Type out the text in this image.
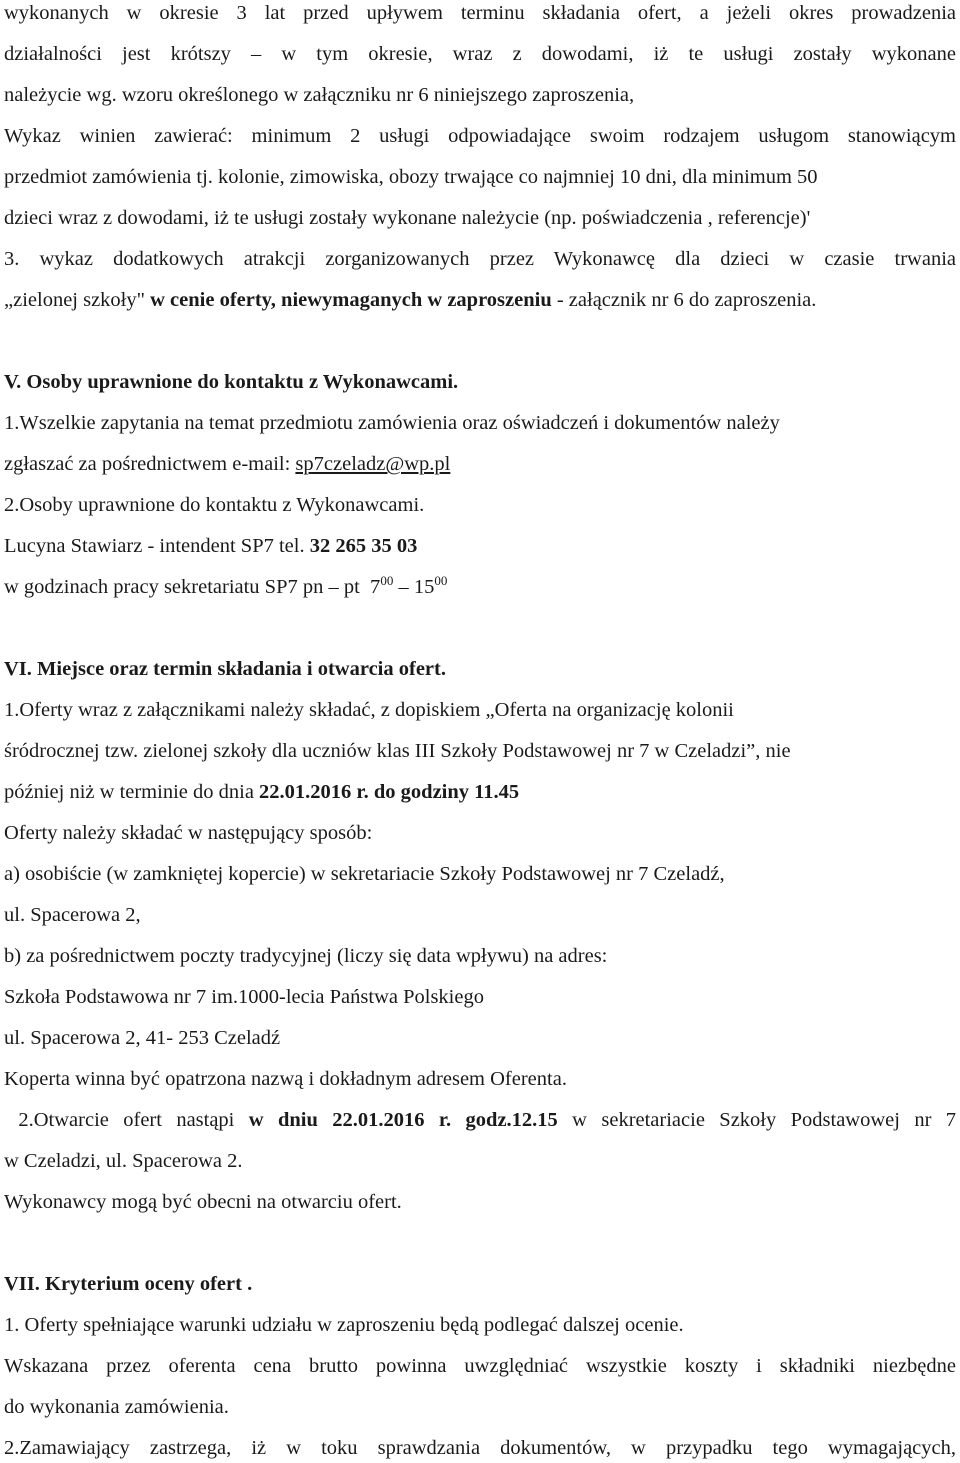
wykonanych w okresie 3 lat przed upływem terminu składania ofert, a jeżeli okres prowadzenia
działalności jest krótszy – w tym okresie, wraz z dowodami, iż te usługi zostały wykonane
należycie wg. wzoru określonego w załączniku nr 6 niniejszego zaproszenia,
Wykaz winien zawierać: minimum 2 usługi odpowiadające swoim rodzajem usługom stanowiącym
przedmiot zamówienia tj. kolonie, zimowiska, obozy trwające co najmniej 10 dni, dla minimum 50
dzieci wraz z dowodami, iż te usługi zostały wykonane należycie (np. poświadczenia , referencje)'
3. wykaz dodatkowych atrakcji zorganizowanych przez Wykonawcę dla dzieci w czasie trwania
„zielonej szkoły" w cenie oferty, niewymaganych w zaproszeniu - załącznik nr 6 do zaproszenia.
V. Osoby uprawnione do kontaktu z Wykonawcami.
1.Wszelkie zapytania na temat przedmiotu zamówienia oraz oświadczeń i dokumentów należy
zgłaszać za pośrednictwem e-mail: sp7czeladz@wp.pl
2.Osoby uprawnione do kontaktu z Wykonawcami.
Lucyna Stawiarz - intendent SP7 tel. 32 265 35 03
w godzinach pracy sekretariatu SP7 pn – pt  $7^{00} - 15^{00}$
VI. Miejsce oraz termin składania i otwarcia ofert.
1.Oferty wraz z załącznikami należy składać, z dopiskiem „Oferta na organizację kolonii
śródrocznej tzw. zielonej szkoły dla uczniów klas III Szkoły Podstawowej nr 7 w Czeladzi”, nie
później niż w terminie do dnia 22.01.2016 r. do godziny 11.45
Oferty należy składać w następujący sposób:
a) osobiście (w zamkniętej kopercie) w sekretariacie Szkoły Podstawowej nr 7 Czeladź,
ul. Spacerowa 2,
b) za pośrednictwem poczty tradycyjnej (liczy się data wpływu) na adres:
Szkoła Podstawowa nr 7 im.1000-lecia Państwa Polskiego
ul. Spacerowa 2, 41- 253 Czeladź
Koperta winna być opatrzona nazwą i dokładnym adresem Oferenta.
2.Otwarcie ofert nastąpi w dniu 22.01.2016 r. godz.12.15 w sekretariacie Szkoły Podstawowej nr 7
w Czeladzi, ul. Spacerowa 2.
Wykonawcy mogą być obecni na otwarciu ofert.
VII. Kryterium oceny ofert .
1. Oferty spełniające warunki udziału w zaproszeniu będą podlegać dalszej ocenie.
Wskazana przez oferenta cena brutto powinna uwzględniać wszystkie koszty i składniki niezbędne
do wykonania zamówienia.
2.Zamawiający zastrzega, iż w toku sprawdzania dokumentów, w przypadku tego wymagających,
